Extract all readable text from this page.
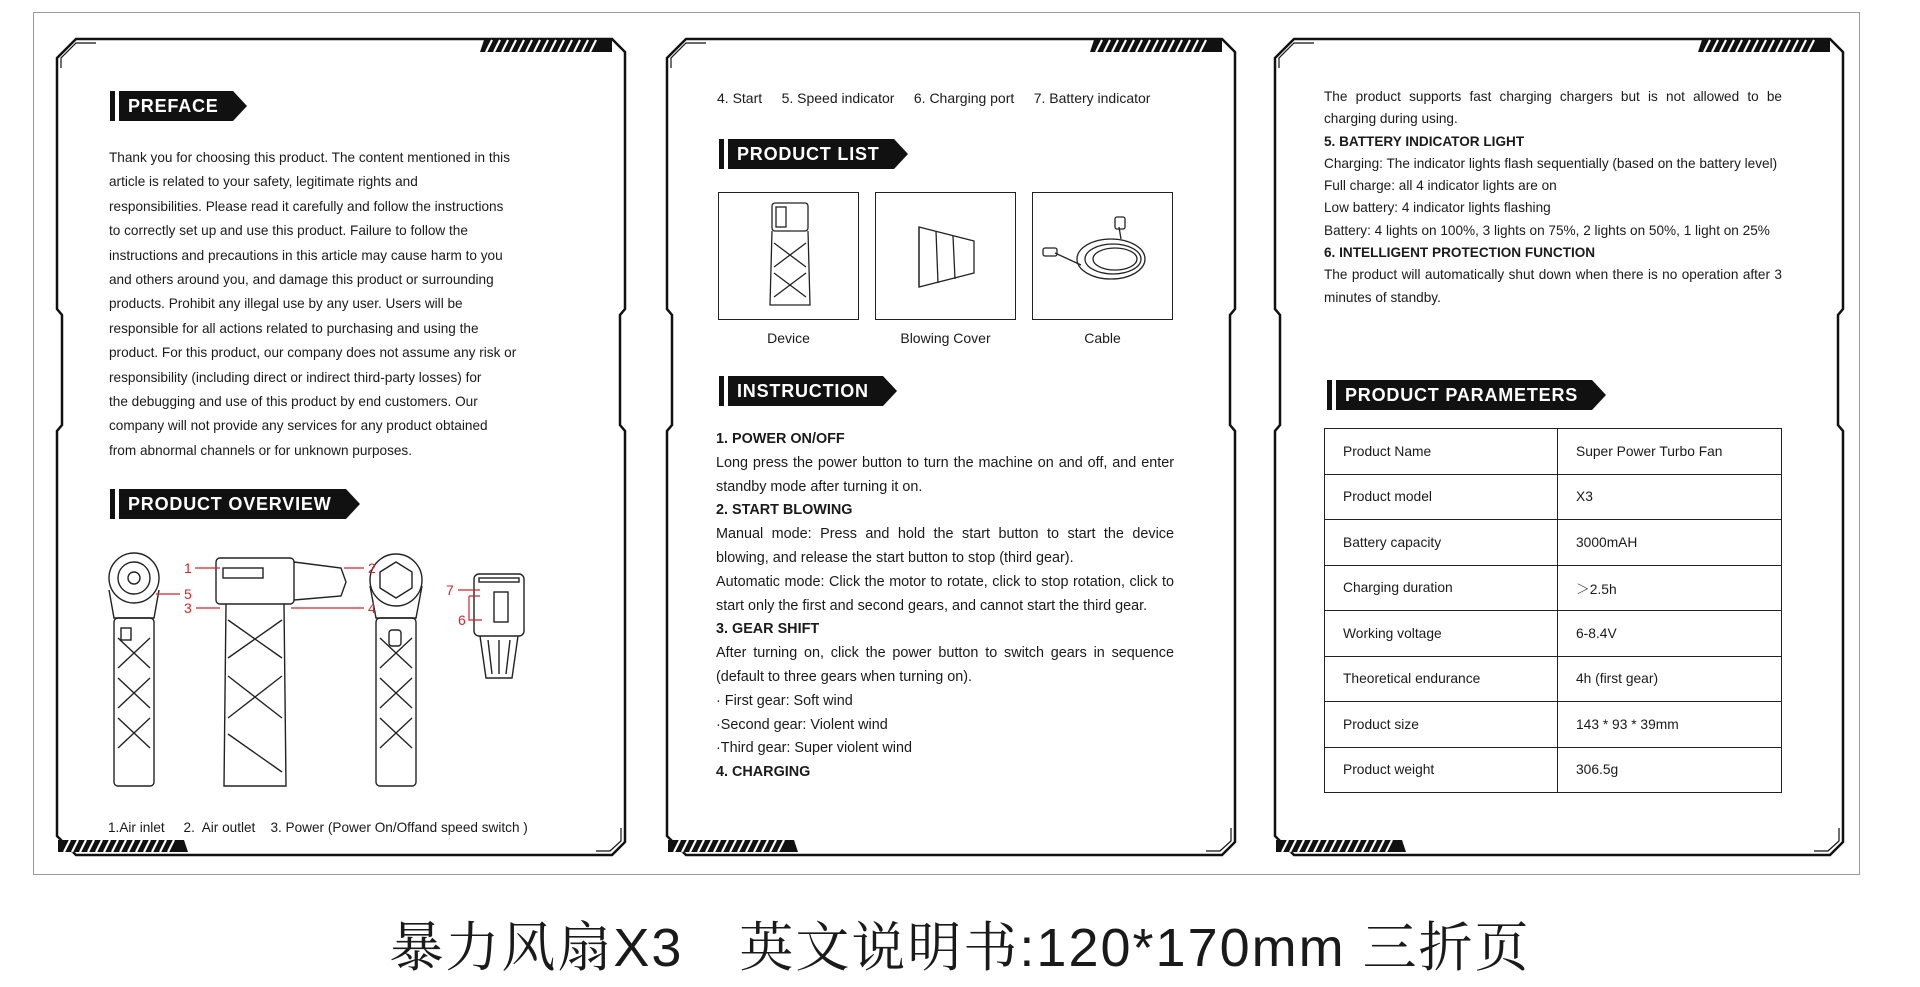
PREFACE

Thank you for choosing this product. The content mentioned in this

article is related to your safety, legitimate rights and

responsibilities. Please read it carefully and follow the instructions

to correctly set up and use this product. Failure to follow the

instructions and precautions in this article may cause harm to you

and others around you, and damage this product or surrounding

products. Prohibit any illegal use by any user. Users will be

responsible for all actions related to purchasing and using the

product. For this product, our company does not assume any risk or

responsibility (including direct or indirect third-party losses) for

the debugging and use of this product by end customers. Our

company will not provide any services for any product obtained

from abnormal channels or for unknown purposes.

PRODUCT OVERVIEW
1	2
3	4
5
6
7
1.Air inlet     2.  Air outlet    3. Power (Power On/Offand speed switch )
4. Start     5. Speed indicator     6. Charging port     7. Battery indicator
PRODUCT LIST
Device	Blowing Cover	Cable
INSTRUCTION
1. POWER ON/OFF
Long press the power button to turn the machine on and off, and enter standby mode after turning it on.
2. START BLOWING
Manual mode: Press and hold the start button to start the device blowing, and release the start button to stop (third gear).
Automatic mode: Click the motor to rotate, click to stop rotation, click to start only the first and second gears, and cannot start the third gear.
3. GEAR SHIFT
After turning on, click the power button to switch gears in sequence (default to three gears when turning on).
· First gear: Soft wind
·Second gear: Violent wind
·Third gear: Super violent wind
4. CHARGING
The product supports fast charging chargers but is not allowed to be charging during using.
5. BATTERY INDICATOR LIGHT
Charging: The indicator lights flash sequentially (based on the battery level)
Full charge: all 4 indicator lights are on
Low battery: 4 indicator lights flashing
Battery: 4 lights on 100%, 3 lights on 75%, 2 lights on 50%, 1 light on 25%
6. INTELLIGENT PROTECTION FUNCTION
The product will automatically shut down when there is no operation after 3 minutes of standby.
PRODUCT PARAMETERS
Product Name	Super Power Turbo Fan
Product model	X3
Battery capacity	3000mAH
Charging duration	＞2.5h
Working voltage	6-8.4V
Theoretical endurance	4h (first gear)
Product size	143 * 93 * 39mm
Product weight	306.5g
暴力风扇X3　英文说明书:120*170mm 三折页
